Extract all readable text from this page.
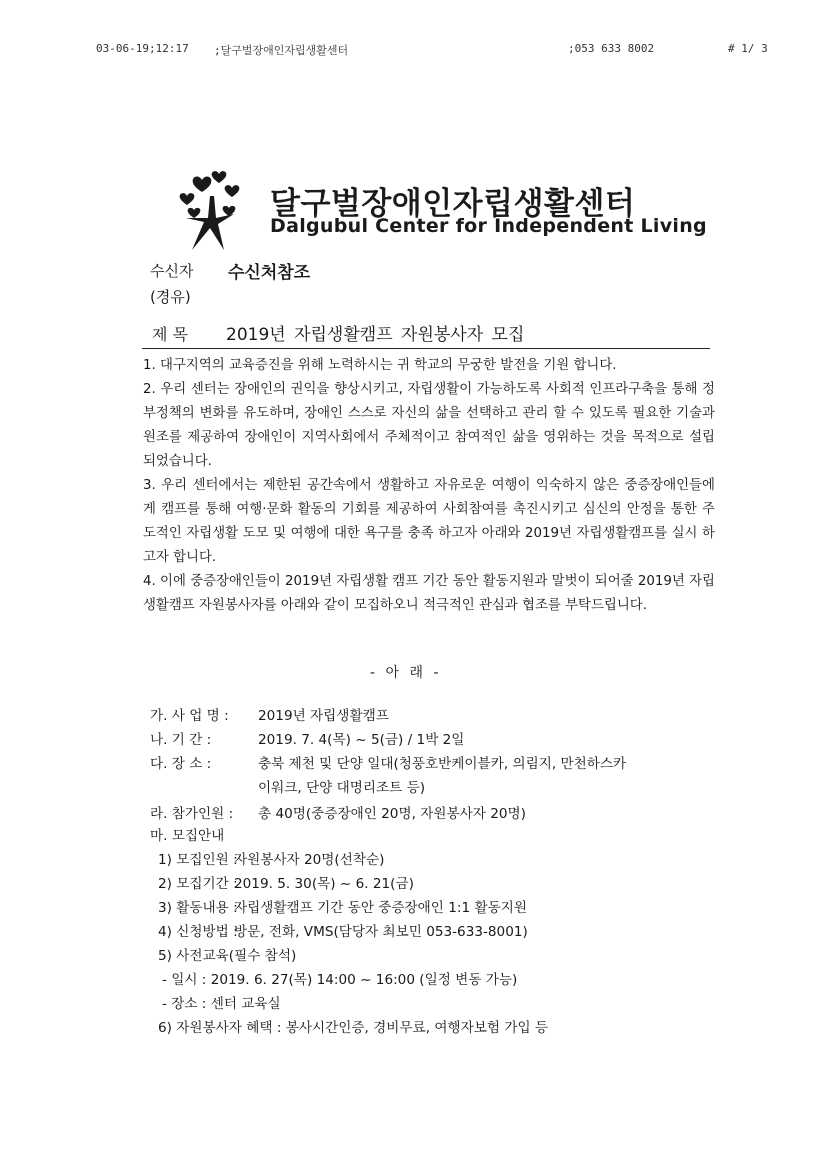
03-06-19;12:17 ;달구벌장애인자립생활센터	;053 633 8002	# 1/ 3
달구벌장애인자립생활센터
Dalgubul Center for Independent Living
수신자 수신처참조
(경유)
제 목 2019년 자립생활캠프 자원봉사자 모집

1. 대구지역의 교육증진을 위해 노력하시는 귀 학교의 무궁한 발전을 기원 합니다.

2. 우리 센터는 장애인의 권익을 향상시키고, 자립생활이 가능하도록 사회적 인프라구축을 통해 정부정책의 변화를 유도하며, 장애인 스스로 자신의 삶을 선택하고 관리 할 수 있도록 필요한 기술과 원조를 제공하여 장애인이 지역사회에서 주체적이고 참여적인 삶을 영위하는 것을 목적으로 설립되었습니다.

3. 우리 센터에서는 제한된 공간속에서 생활하고 자유로운 여행이 익숙하지 않은 중증장애인들에게 캠프를 통해 여행·문화 활동의 기회를 제공하여 사회참여를 촉진시키고 심신의 안정을 통한 주도적인 자립생활 도모 및 여행에 대한 욕구를 충족 하고자 아래와 2019년 자립생활캠프를 실시 하고자 합니다.

4. 이에 중증장애인들이 2019년 자립생활 캠프 기간 동안 활동지원과 말벗이 되어줄 2019년 자립생활캠프 자원봉사자를 아래와 같이 모집하오니 적극적인 관심과 협조를 부탁드립니다.

- 아 래 -
가. 사 업 명 : 2019년 자립생활캠프
나. 기 간 :	2019. 7. 4(목) ~ 5(금) / 1박 2일
다. 장 소 :	충북 제천 및 단양 일대(청풍호반케이블카, 의림지, 만천하스카
이워크, 단양 대명리조트 등)
라. 참가인원 : 총 40명(중증장애인 20명, 자원봉사자 20명)
마. 모집안내
1) 모집인원 :자원봉사자 20명(선착순)
2) 모집기간 :2019. 5. 30(목) ~ 6. 21(금)
3) 활동내용 :자립생활캠프 기간 동안 중증장애인 1:1 활동지원
4) 신청방법 :방문, 전화, VMS(담당자 최보민 053-633-8001)
5) 사전교육(필수 참석)
- 일시 : 2019. 6. 27(목) 14:00 ~ 16:00 (일정 변동 가능)
- 장소 : 센터 교육실
6) 자원봉사자 혜택 : 봉사시간인증, 경비무료, 여행자보험 가입 등
